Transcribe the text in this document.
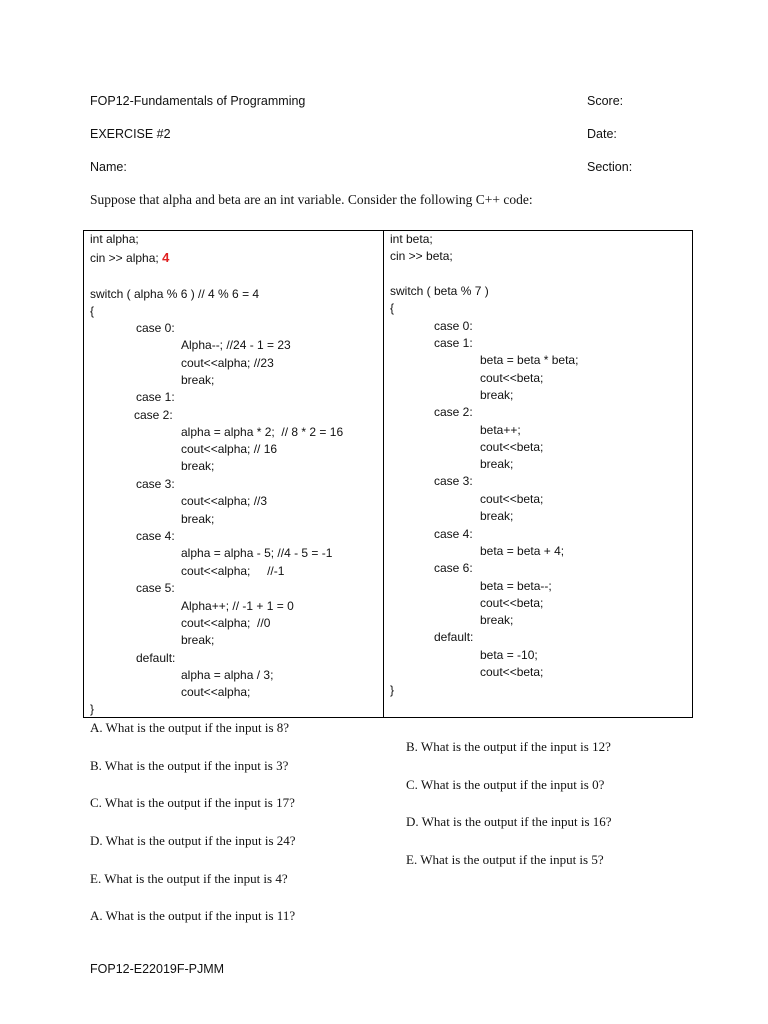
FOP12-Fundamentals of Programming	Score:
EXERCISE #2	Date:
Name:	Section:
Suppose that alpha and beta are an int variable. Consider the following C++ code:
int alpha;
cin >> alpha; 4
switch ( alpha % 6 ) // 4 % 6 = 4
{
case 0:
Alpha--; //24 - 1 = 23
cout<<alpha; //23
break;
case 1:
case 2:
alpha = alpha * 2;  // 8 * 2 = 16
cout<<alpha; // 16
break;
case 3:
cout<<alpha; //3
break;
case 4:
alpha = alpha - 5; //4 - 5 = -1
cout<<alpha;     //-1
case 5:
Alpha++; // -1 + 1 = 0
cout<<alpha;  //0
break;
default:
alpha = alpha / 3;
cout<<alpha;
}
int beta;
cin >> beta;
switch ( beta % 7 )
{
case 0:
case 1:
beta = beta * beta;
cout<<beta;
break;
case 2:
beta++;
cout<<beta;
break;
case 3:
cout<<beta;
break;
case 4:
beta = beta + 4;
case 6:
beta = beta--;
cout<<beta;
break;
default:
beta = -10;
cout<<beta;
}
A. What is the output if the input is 8?
B. What is the output if the input is 3?
C. What is the output if the input is 17?
D. What is the output if the input is 24?
E. What is the output if the input is 4?
A. What is the output if the input is 11?
B. What is the output if the input is 12?
C. What is the output if the input is 0?
D. What is the output if the input is 16?
E. What is the output if the input is 5?
FOP12-E22019F-PJMM
